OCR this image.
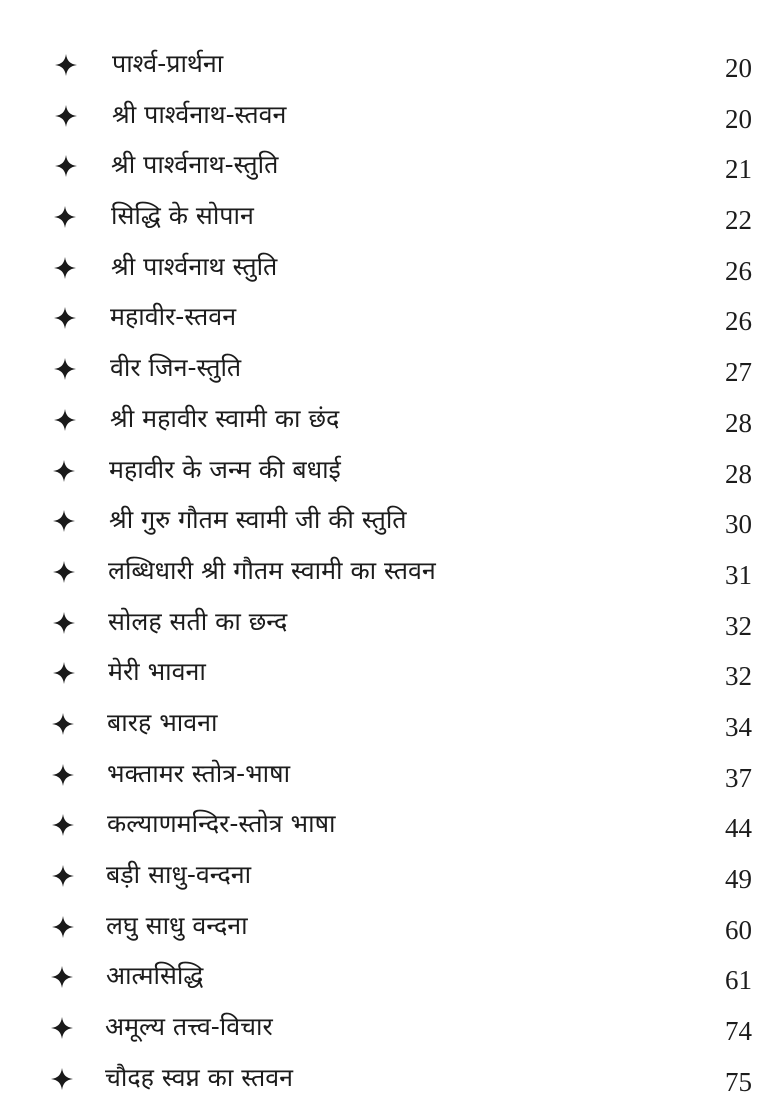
पार्श्व-प्रार्थना	20
श्री पार्श्वनाथ-स्तवन	20
श्री पार्श्वनाथ-स्तुति	21
सिद्धि के सोपान	22
श्री पार्श्वनाथ स्तुति	26
महावीर-स्तवन	26
वीर जिन-स्तुति	27
श्री महावीर स्वामी का छंद	28
महावीर के जन्म की बधाई	28
श्री गुरु गौतम स्वामी जी की स्तुति	30
लब्धिधारी श्री गौतम स्वामी का स्तवन	31
सोलह सती का छन्द	32
मेरी भावना	32
बारह भावना	34
भक्तामर स्तोत्र-भाषा	37
कल्याणमन्दिर-स्तोत्र भाषा	44
बड़ी साधु-वन्दना	49
लघु साधु वन्दना	60
आत्मसिद्धि	61
अमूल्य तत्त्व-विचार	74
चौदह स्वप्न का स्तवन	75
